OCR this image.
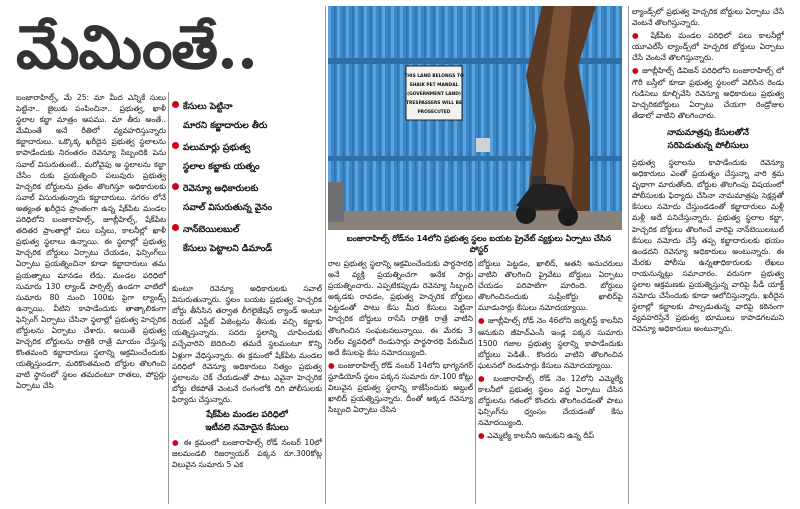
మేమింతే..

బంజారాహిల్స్, మే 25: మా మీద ఎన్నికే సులు పెట్టినా.. జైలుకు పంపించినా.. ప్రభుత్వ, ఖాళీ స్థలాల కబ్జా మాత్రం ఆపము. మా తీరు అంతే.. మేమింతే అనే రీతిలో వ్యవహరిస్తున్నారు కబ్జాదారులు. ఒక్కొక్క ఖరీదైన ప్రభుత్వ స్థలాలను కాపాడేందుకు నిరంతరం రెవెన్యూ సిబ్బందికి పెను సవాల్ విసురుతుంటే.. మరోవైపు ఆ స్థలాలను కబ్జా చేసేం దుకు ప్రయత్నించి పలువురు ప్రభుత్వ హెచ్చరిక బోర్డులను ప్రతం తొలగిస్తూ అధికారులకు సవాల్ విసురుతున్నారు కబ్జాదారులు. నగరం లోనే అత్యంత ఖరీదైన ప్రాంతంగా ఉన్న షేక్‌పేట మండల పరిధిలోని బంజారాహిల్స్, జూబ్లీహిల్స్, షేక్‌పేట తదితర ప్రాంతాల్లో పలు బస్తీలు, కాలనీల్లో ఖాళీ ప్రభుత్వ స్థలాలు ఉన్నాయి. ఈ స్థలాల్లో ప్రభుత్వ హెచ్చరిక బోర్డులు ఏర్పాటు చేయడం, ఫెన్సింగ్‌లు ఏర్పాటు ప్రయత్నించినా కూడా కబ్జాదారులు తమ ప్రయత్నాలు మానడం లేదు. మండల పరిధిలో సుమారు 130 ల్యాండ్ పార్సిల్స్ ఉండగా వాటిలో సుమారు 80 నుంచి 100కు పైగా ల్యాండ్స్ ఉన్నాయి. వీటిని కాపాడేందుకు తాత్కాలికంగా ఫెన్సింగ్‌ ఏర్పాటు చేసినా స్థలాల్లో ప్రభుత్వ హెచ్చరిక బోర్డులను ఏర్పాటు చేశారు. అయితే ప్రభుత్వ హెచ్చరిక బోర్డులను రాత్రికి రాత్రే మాయం చేస్తున్న కొంతమంది కబ్జాదారులు స్థలాన్ని ఆక్రమించేందుకు యత్నిస్తుండగా, మరికొంతమంది బోర్డుల తొలగించి వాటి స్థానంలో స్థలం తమదంటూ రాతలు, పోస్టర్లు ఏర్పాటు చేసి

కేసులు పెట్టినా
మారని కబ్జాదారుల తీరు
పలుమార్లు ప్రభుత్వ
స్థలాల కబ్జాకు యత్నం
రెవెన్యూ అధికారులకు
సవాల్ విసురుతున్న వైనం
నాన్‌బెయిలబుల్
కేసులు పెట్టాలని డిమాండ్

కుంటూ రెవెన్యూ అధికారులకు సవాల్ విసురుతున్నారు. స్థలం బయట ప్రభుత్వ హెచ్చరిక బోర్డు తీసేసిన తర్వాత లీగలైజేషన్ ల్యాండ్ అంటూ రియల్ ఎస్టేట్ ఏజెంట్లను తీసుకు వచ్చి కబ్జాకు యత్నిస్తున్నారు. సదరు స్థలాన్ని చూపించుకు వచ్చేవారిని బెదిరించి తమదే స్థలమంటూ కొన్ని ఏళ్లుగా వేధిస్తున్నారు. ఈ క్రమంలో షేక్‌పేట మండల పరిధిలో రెవెన్యూ అధికారులు నిత్యం ప్రభుత్వ స్థలాలను చెక్ చేయడంతో పాటు ఎవైనా హెచ్చరిక బోర్డు లేకపోతే వెంటనే రంగంలోకి దిగి పోలీసులకు ఫిర్యాదు చేస్తున్నారు.

షేక్‌పేట మండల పరిధిలో
ఇటీవలె నమోదైన కేసులు

● ఈ క్రమంలో బంజారాహిల్స్ రోడ్ నంబర్ 10లో జలమండలి రిజర్వాయర్ పక్కన రూ.300కోట్ల విలువైన సుమారు 5 ఎక

THIS LAND BELONGS TO
SHAIK PET MANDAL
(GOVERNMENT LAND)
TRESPASSERS WILL BE
PROSECUTED
బంజారాహిల్స్ రోడ్‌నం 14లోని ప్రభుత్వ స్థలం బయట ప్రైవేట్ వ్యక్తులు ఏర్పాటు చేసిన పోస్టర్

రాల ప్రభుత్వ స్థలాన్ని ఆక్రమించేందుకు పార్థసారథి అనే వ్యక్తి ప్రయత్నించగా అనేక సార్లు ప్రయత్నించారు. ఎప్పటికప్పుడు రెవెన్యూ సిబ్బంది అక్కడకు రావడం, ప్రభుత్వ హెచ్చరిక బోర్డులు పెట్టడంతో పాటు కేసు మీద కేసులు పెట్టినా హెచ్చరిక బోర్డులు రాసేసి రాత్రికి రాత్రే వాటిని తొలగించిన సంఘటనలున్నాయి. ఈ మేరకు 3 సెల్‌ల వ్యవధిలో రెండుసార్లు పార్థసారథి పేరుమీద అదే కేసులపై కేసు నమోదయ్యింది.

● బంజారాహిల్స్ రోడ్ నంబర్ 14లోని భాగ్యనగర్ స్టూడియోస్ స్థలం పక్కన సుమారు రూ.100 కోట్లు విలువైన ప్రభుత్వ స్థలాన్ని కాజేసేందుకు అబ్దుల్ ఖాలిద్ ప్రయత్నిస్తున్నారు. దీంతో అక్కడ రెవెన్యూ సిబ్బంది ఏర్పాటు చేసిన

బోర్డులు పెట్టడం, ఖాలిద్, అతని అనుచరులు వాటిని తొలగించి ప్రైవేటు బోర్డులు ఏర్పాటు చేయడం పరిపాటిగా మారింది. బోర్డులు తొలగించినందుకు సుప్రీంకోర్టు ఖాలిద్‌పై మూడుసార్లు కేసులు నమోదయ్యాయి.

● జూబ్లీహిల్స్ రోడ్ నెం 46లోని జర్నలిస్ట్ కాలనీని ఆనుకుని జీహెచ్‌ఎంసీ ఇండ్ల పక్కన సుమారు 1500 గజాల ప్రభుత్వ స్థలాన్ని కాపాడేందుకు బోర్డులు పెడితే.. కొందరు వాటిని తొలగించిన ఘటనలో రెండుసార్లు కేసులు నమోదయ్యాయి.

● బంజారాహిల్స్ రోడ్ నెం 12లోని ఎమ్మెల్యే కాలనీలో ప్రభుత్వ స్థలం వద్ద ఏర్పాటు చేసిన బోర్డులను గతంలో కొందరు తొలగించడంతో పాటు ఫెన్సింగ్‌ను ధ్వంసం చేయడంతో కేసు నమోదయ్యింది.

● ఎమ్మెల్యే కాలనీని ఆనుకుని ఉన్న దీప్

ల్యాండ్స్‌లో ప్రభుత్వ హెచ్చరిక బోర్డులు ఏర్పాటు చేసే వెంటనే తొలగిస్తున్నారు.

● షేక్‌పేట మండల పరిధిలో పలు కాలనీల్లో యూఎల్‌సీ ల్యాండ్స్‌లో హెచ్చరిక బోర్డులు ఏర్పాటు చేసే వెంటనే తొలగిస్తున్నారు.

● జూబ్లీహిల్స్ డివిజన్ పరిధిలోని బంజారాహిల్స్ లో గౌరీ బస్తీలో కూడా ప్రభుత్వ స్థలంలో వెలిసిన రెండు గుడిసెలు కూల్చివేసి రెవెన్యూ అధికారులు ప్రభుత్వ హెచ్చరికబోర్డులు ఏర్పాటు చేయగా రెండ్రోజుల తేడాలో వాటిని తొలగించారు.

నామమాత్రపు కేసులతోనే
సరిపెడుతున్న పోలీసులు

ప్రభుత్వ స్థలాలను కాపాడేందుకు రెవెన్యూ అధికారులు ఎంతో ప్రయత్నం చేస్తున్నా వారి శ్రమ వృథాగా మారుతోంది. బోర్డుల తొలగింపు విషయంలో పోలీసులకు ఫిర్యాదు చేసినా నామమాత్రపు సెక్షన్లతో కేసులు నమోదు చేస్తుండడంతో కబ్జాదారులు మళ్లీ మళ్లీ అదే పనిచేస్తున్నారు. ప్రభుత్వ స్థలాల కబ్జా, హెచ్చరిక బోర్డులు తొలగించే వారిపై నాన్‌బెయిలబుల్ కేసులు నమోదు చేస్తే తప్ప కబ్జాదారులకు భయం ఉండదని రెవెన్యూ అధికారులు అంటున్నారు. ఈ మేరకు పోలీసు ఉన్నతాధికారులకు లేఖలు రాయనున్నట్లు సమాచారం. వరుసగా ప్రభుత్వ స్థలాల ఆక్రమణకు ప్రయత్నిస్తున్న వారిపై పీడీ యాక్ట్ నమోదు చేసేందుకు కూడా ఆలోచిస్తున్నారు. ఖరీదైన స్థలాల్లో కబ్జాలకు పాల్పడుతున్న వారిపై కఠినంగా వ్యవహరిస్తేనే ప్రభుత్వ భూములు కాపాడగలమని రెవెన్యూ అధికారులు అంటున్నారు.
